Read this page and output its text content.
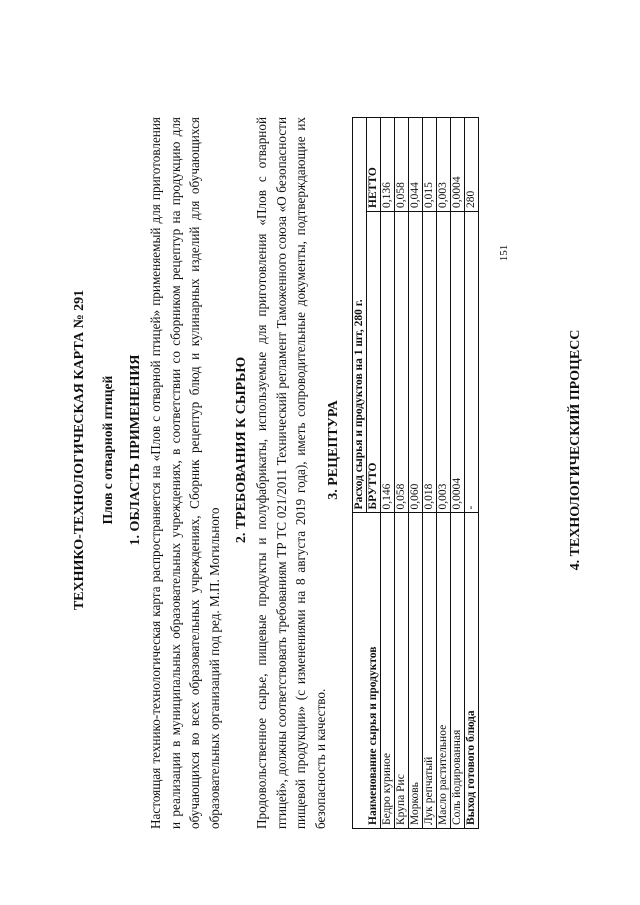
ТЕХНИКО-ТЕХНОЛОГИЧЕСКАЯ КАРТА № 291 Плов с отварной птицей 1. ОБЛАСТЬ ПРИМЕНЕНИЯ Настоящая технико-технологическая карта распространяется на «Плов с отварной птицей» применяемый для приготовления и реализации в муниципальных образовательных учреждениях, в соответствии со сборником рецептур на продукцию для обучающихся во всех образовательных учреждениях, Сборник рецептур блюд и кулинарных изделий для обучающихся образовательных организаций под ред. М.П. Могильного

2. ТРЕБОВАНИЯ К СЫРЬЮ Продовольственное сырье, пищевые продукты и полуфабрикаты, используемые для приготовления «Плов с отварной птицей», должны соответствовать требованиям ТР ТС 021/2011 Технический регламент Таможенного союза «О безопасности пищевой продукции» (с изменениями на 8 августа 2019 года), иметь сопроводительные документы, подтверждающие их безопасность и качество.

3. РЕЦЕПТУРА
Наименование сырья и продуктов	Расход сырья и продуктов на 1 шт, 280 г.	
	БРУТТО	НЕТТО
Бедро куриное	0,146	0,136
Крупа Рис	0,058	0,058
Морковь	0,060	0,044
Лук репчатый	0,018	0,015
Масло растительное	0,003	0,003
Соль йодированная	0,0004	0,0004
Выход готового блюда	-	280
4. ТЕХНОЛОГИЧЕСКИЙ ПРОЦЕСС
151
